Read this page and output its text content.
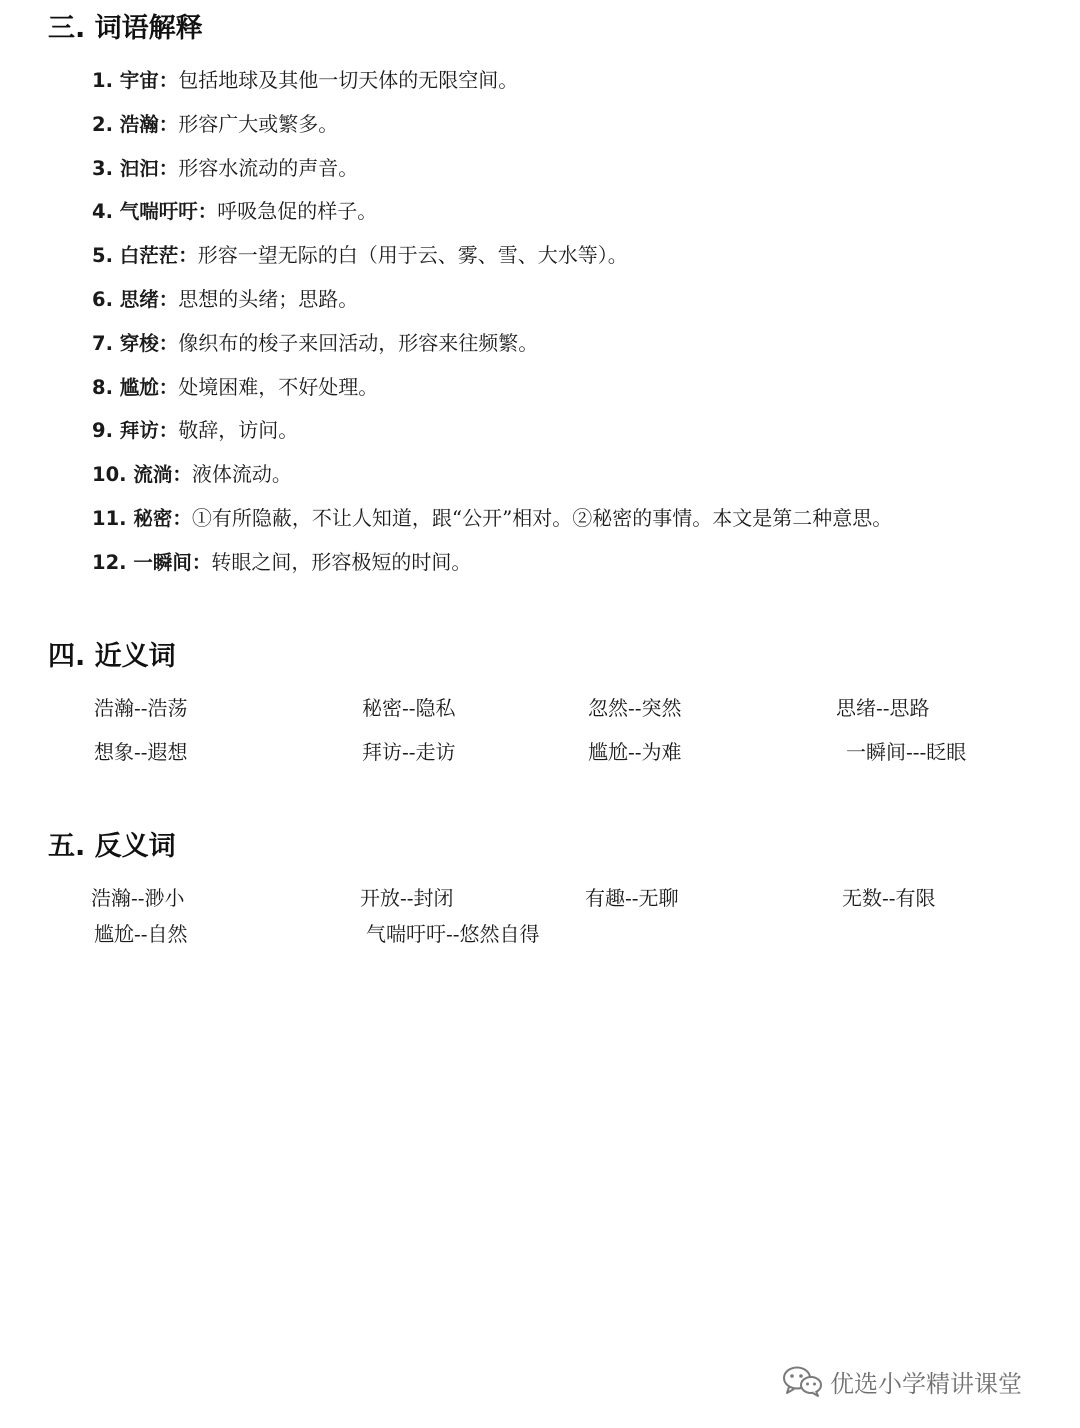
三. 词语解释
1. 宇宙：包括地球及其他一切天体的无限空间。
2. 浩瀚：形容广大或繁多。
3. 汩汩：形容水流动的声音。
4. 气喘吁吁：呼吸急促的样子。
5. 白茫茫：形容一望无际的白（用于云、雾、雪、大水等）。
6. 思绪：思想的头绪；思路。
7. 穿梭：像织布的梭子来回活动，形容来往频繁。
8. 尴尬：处境困难，不好处理。
9. 拜访：敬辞，访问。
10. 流淌：液体流动。
11. 秘密：①有所隐蔽，不让人知道，跟“公开”相对。②秘密的事情。本文是第二种意思。
12. 一瞬间：转眼之间，形容极短的时间。
四. 近义词
浩瀚--浩荡	秘密--隐私	忽然--突然	思绪--思路
想象--遐想	拜访--走访	尴尬--为难	一瞬间---眨眼
五. 反义词
浩瀚--渺小	开放--封闭	有趣--无聊	无数--有限
尴尬--自然	气喘吁吁--悠然自得
优选小学精讲课堂
